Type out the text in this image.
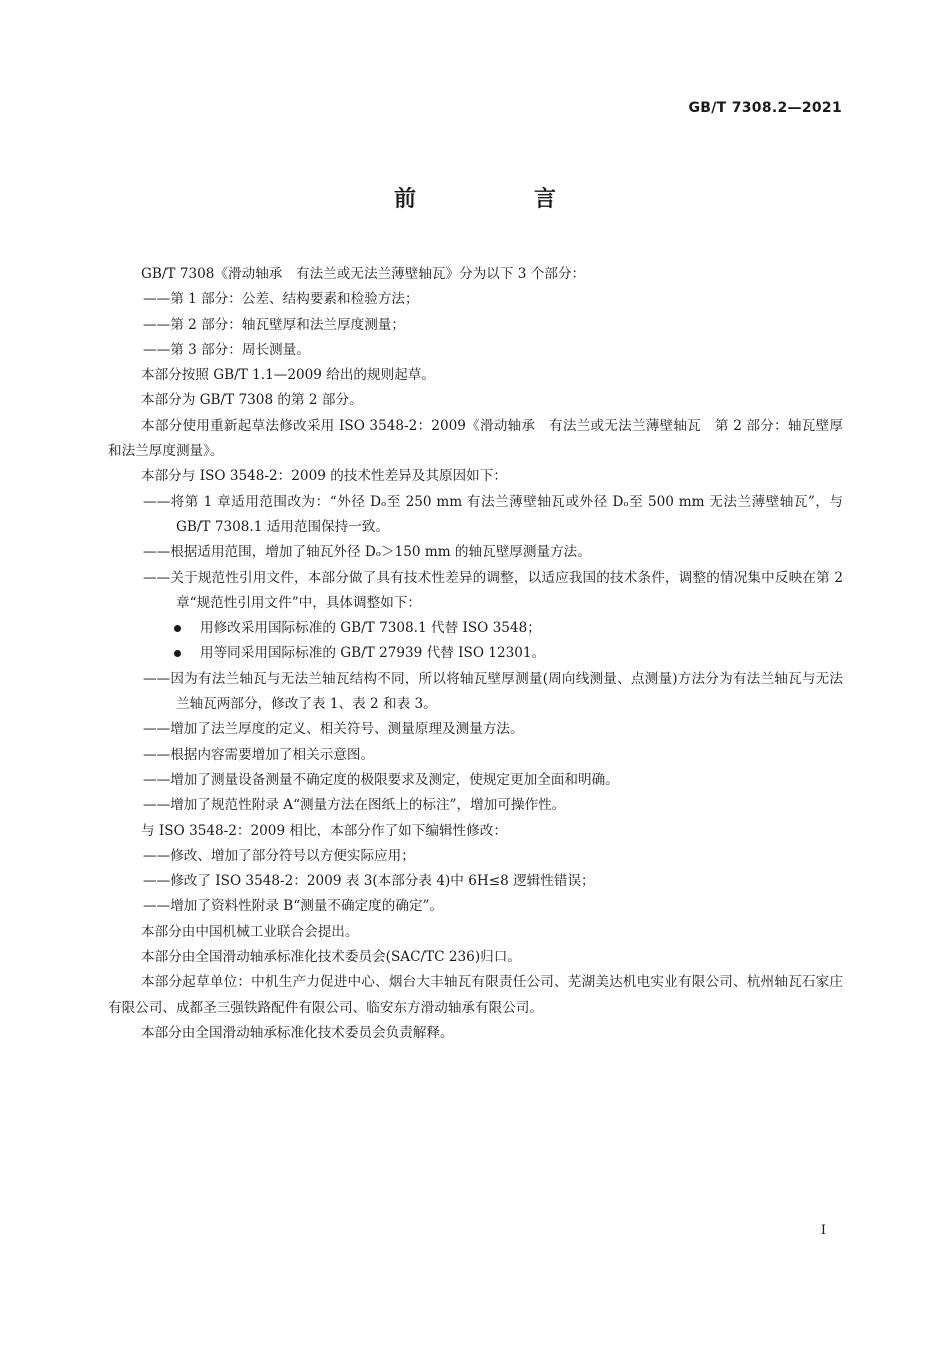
GB/T 7308.2—2021
前　言

GB/T 7308《滑动轴承　有法兰或无法兰薄壁轴瓦》分为以下 3 个部分：

——第 1 部分：公差、结构要素和检验方法；

——第 2 部分：轴瓦壁厚和法兰厚度测量；

——第 3 部分：周长测量。

本部分按照 GB/T 1.1—2009 给出的规则起草。

本部分为 GB/T 7308 的第 2 部分。

本部分使用重新起草法修改采用 ISO 3548-2：2009《滑动轴承　有法兰或无法兰薄壁轴瓦　第 2 部分：轴瓦壁厚和法兰厚度测量》。

本部分与 ISO 3548-2：2009 的技术性差异及其原因如下：

——将第 1 章适用范围改为：“外径 Dₒ至 250 mm 有法兰薄壁轴瓦或外径 Dₒ至 500 mm 无法兰薄壁轴瓦”，与 GB/T 7308.1 适用范围保持一致。

——根据适用范围，增加了轴瓦外径 Dₒ＞150 mm 的轴瓦壁厚测量方法。

——关于规范性引用文件，本部分做了具有技术性差异的调整，以适应我国的技术条件，调整的情况集中反映在第 2 章“规范性引用文件”中，具体调整如下：

用修改采用国际标准的 GB/T 7308.1 代替 ISO 3548；

用等同采用国际标准的 GB/T 27939 代替 ISO 12301。

——因为有法兰轴瓦与无法兰轴瓦结构不同，所以将轴瓦壁厚测量(周向线测量、点测量)方法分为有法兰轴瓦与无法兰轴瓦两部分，修改了表 1、表 2 和表 3。

——增加了法兰厚度的定义、相关符号、测量原理及测量方法。

——根据内容需要增加了相关示意图。

——增加了测量设备测量不确定度的极限要求及测定，使规定更加全面和明确。

——增加了规范性附录 A“测量方法在图纸上的标注”，增加可操作性。

与 ISO 3548-2：2009 相比，本部分作了如下编辑性修改：

——修改、增加了部分符号以方便实际应用；

——修改了 ISO 3548-2：2009 表 3(本部分表 4)中 6H≤8 逻辑性错误；

——增加了资料性附录 B“测量不确定度的确定”。

本部分由中国机械工业联合会提出。

本部分由全国滑动轴承标准化技术委员会(SAC/TC 236)归口。

本部分起草单位：中机生产力促进中心、烟台大丰轴瓦有限责任公司、芜湖美达机电实业有限公司、杭州轴瓦石家庄有限公司、成都圣三强铁路配件有限公司、临安东方滑动轴承有限公司。

本部分由全国滑动轴承标准化技术委员会负责解释。

I
